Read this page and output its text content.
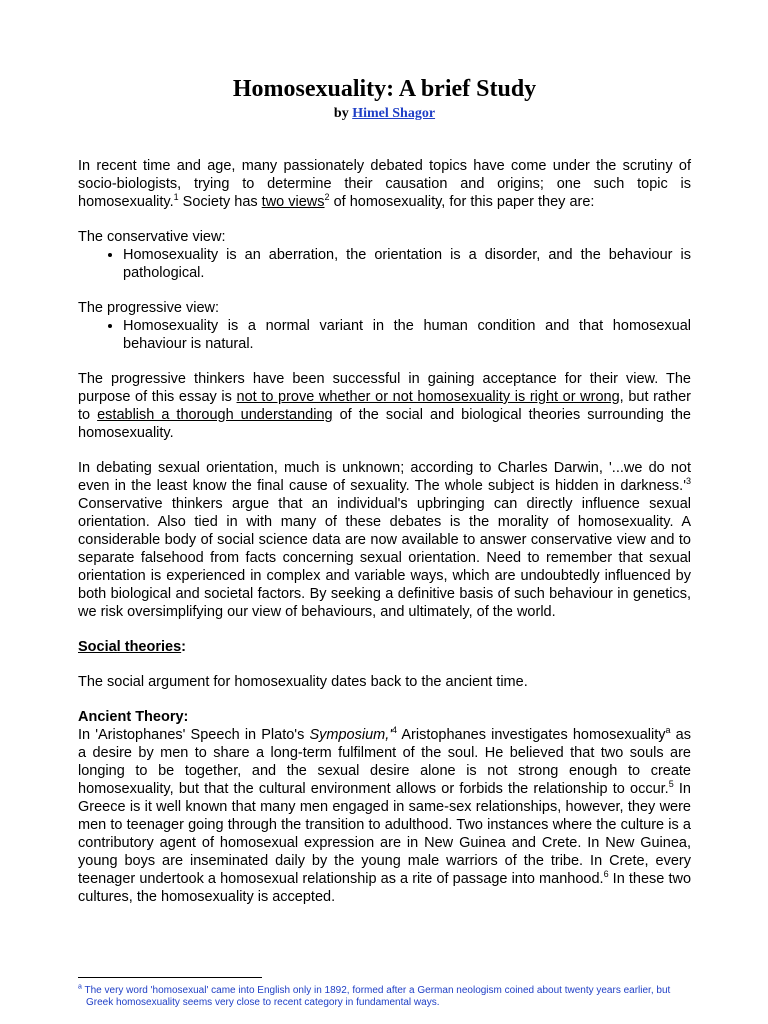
Homosexuality: A brief Study
by Himel Shagor

In recent time and age, many passionately debated topics have come under the scrutiny of socio-biologists, trying to determine their causation and origins; one such topic is homosexuality.$^1$ Society has two views$^2$ of homosexuality, for this paper they are:

The conservative view:

• Homosexuality is an aberration, the orientation is a disorder, and the behaviour is pathological.

The progressive view:

• Homosexuality is a normal variant in the human condition and that homosexual behaviour is natural.

The progressive thinkers have been successful in gaining acceptance for their view. The purpose of this essay is not to prove whether or not homosexuality is right or wrong, but rather to establish a thorough understanding of the social and biological theories surrounding the homosexuality.

In debating sexual orientation, much is unknown; according to Charles Darwin, '...we do not even in the least know the final cause of sexuality. The whole subject is hidden in $darkness.'^3$ Conservative thinkers argue that an individual's upbringing can directly influence sexual orientation. Also tied in with many of these debates is the morality of homosexuality. A considerable body of social science data are now available to answer conservative view and to separate falsehood from facts concerning sexual orientation. Need to remember that sexual orientation is experienced in complex and variable ways, which are undoubtedly influenced by both biological and societal factors. By seeking a definitive basis of such behaviour in genetics, we risk oversimplifying our view of behaviours, and ultimately, of the world.

Social theories:

The social argument for homosexuality dates back to the ancient time.

Ancient Theory:

In 'Aristophanes' Speech in Plato's $Symposium,'^4$ Aristophanes investigates homosexuality$^a$ as a desire by men to share a long-term fulfilment of the soul. He believed that two souls are longing to be together, and the sexual desire alone is not strong enough to create homosexuality, but that the cultural environment allows or forbids the relationship to occur.$^5$ In Greece is it well known that many men engaged in same-sex relationships, however, they were men to teenager going through the transition to adulthood. Two instances where the culture is a contributory agent of homosexual expression are in New Guinea and Crete. In New Guinea, young boys are inseminated daily by the young male warriors of the tribe. In Crete, every teenager undertook a homosexual relationship as a rite of passage into manhood.$^6$ In these two cultures, the homosexuality is accepted.

$^a$ The very word 'homosexual' came into English only in 1892, formed after a German neologism coined about twenty years earlier, but
Greek homosexuality seems very close to recent category in fundamental ways.
